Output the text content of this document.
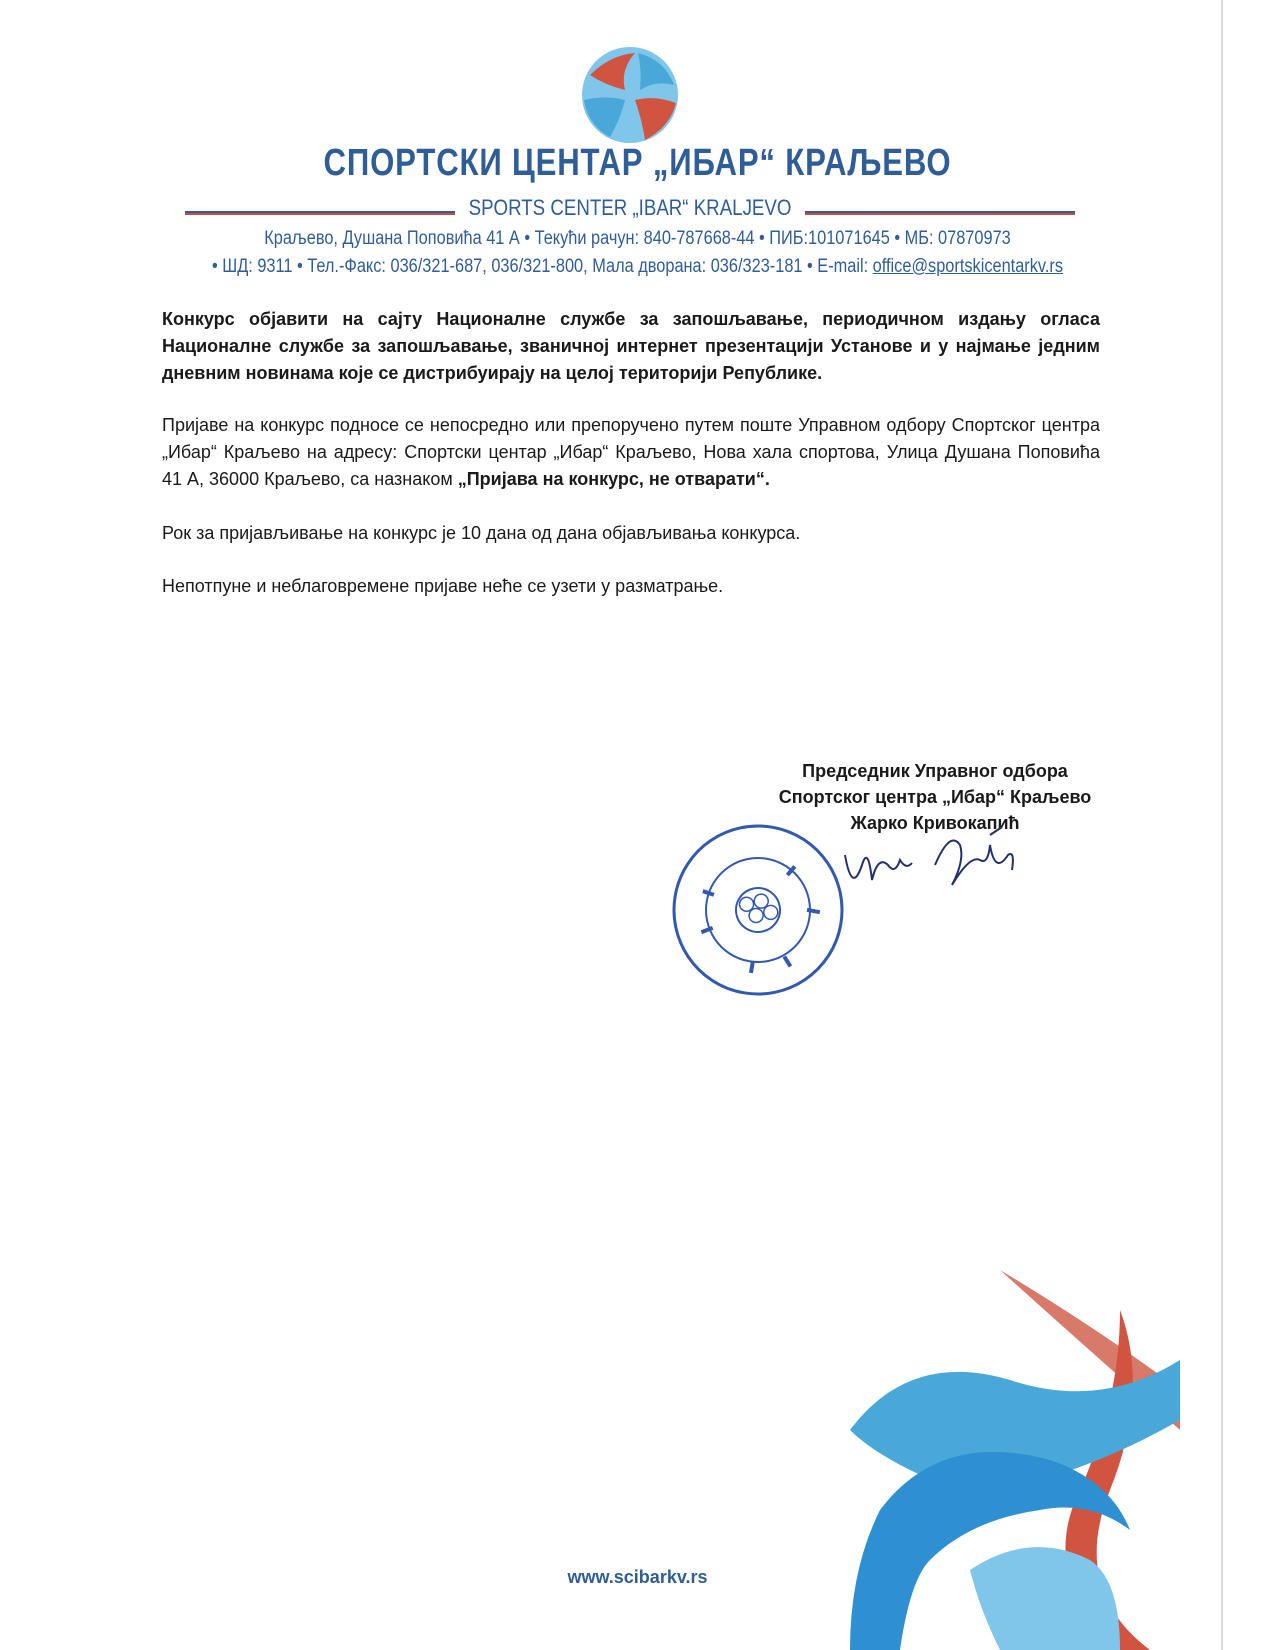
СПОРТСКИ ЦЕНТАР „ИБАР“ КРАЉЕВО
SPORTS CENTER „IBAR“ KRALJEVO
Краљево, Душана Поповића 41 А • Текући рачун: 840-787668-44 • ПИБ:101071645 • МБ: 07870973
• ШД: 9311 • Тел.-Факс: 036/321-687, 036/321-800, Мала дворана: 036/323-181 • E-mail: office@sportskicentarkv.rs
Конкурс објавити на сајту Националне службе за запошљавање, периодичном издању огласа Националне службе за запошљавање, званичној интернет презентацији Установе и у најмање једним дневним новинама које се дистрибуирају на целој територији Републике.
Пријаве на конкурс подносе се непосредно или препоручено путем поште Управном одбору Спортског центра „Ибар“ Краљево на адресу: Спортски центар „Ибар“ Краљево, Нова хала спортова, Улица Душана Поповића 41 А, 36000 Краљево, са назнаком „Пријава на конкурс, не отварати“.
Рок за пријављивање на конкурс је 10 дана од дана објављивања конкурса.
Непотпуне и неблаговремене пријаве неће се узети у разматрање.
Председник Управног одбора
Спортског центра „Ибар“ Краљево
Жарко Кривокапић
www.scibarkv.rs
